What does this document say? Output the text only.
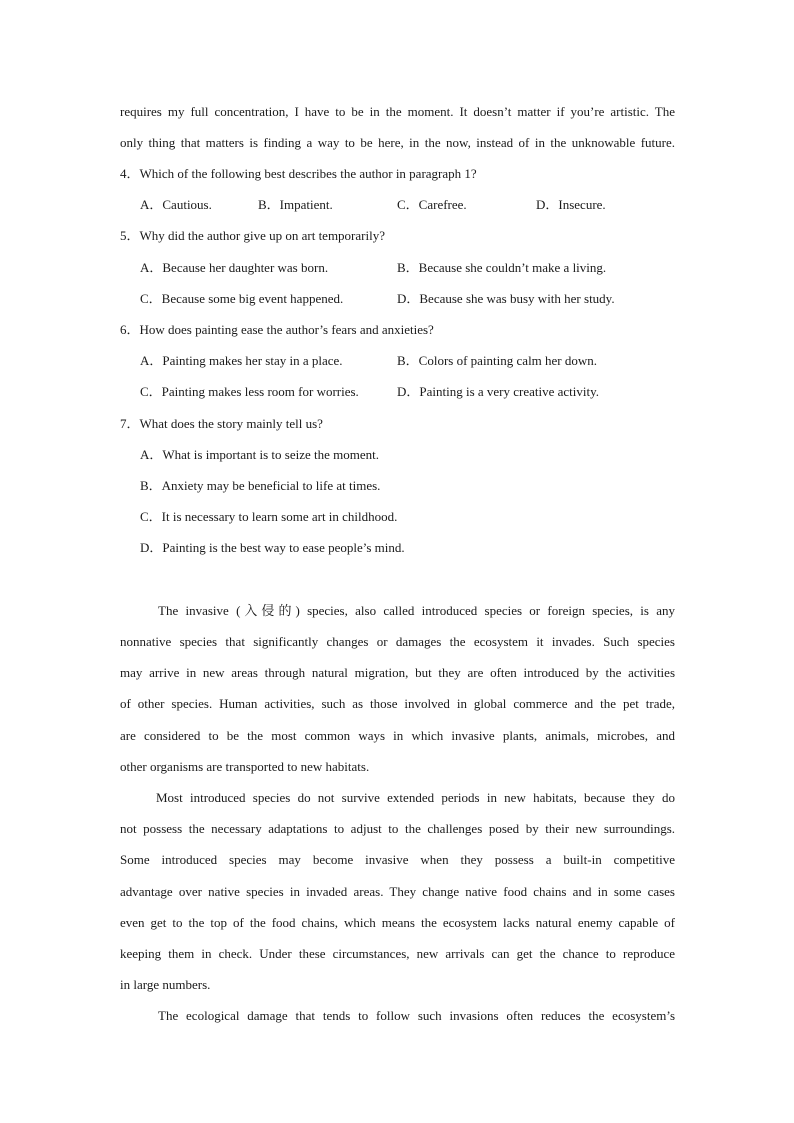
requires my full concentration, I have to be in the moment. It doesn’t matter if you’re artistic. The
only thing that matters is finding a way to be here, in the now, instead of in the unknowable future.
4．Which of the following best describes the author in paragraph 1?
A．Cautious.	B．Impatient.	C．Carefree.	D．Insecure.
5．Why did the author give up on art temporarily?
A．Because her daughter was born.	B．Because she couldn’t make a living.
C．Because some big event happened.	D．Because she was busy with her study.
6．How does painting ease the author’s fears and anxieties?
A．Painting makes her stay in a place.	B．Colors of painting calm her down.
C．Painting makes less room for worries.	D．Painting is a very creative activity.
7．What does the story mainly tell us?
A．What is important is to seize the moment.
B．Anxiety may be beneficial to life at times.
C．It is necessary to learn some art in childhood.
D．Painting is the best way to ease people’s mind.
The invasive (入侵的) species, also called introduced species or foreign species, is any
nonnative species that significantly changes or damages the ecosystem it invades. Such species
may arrive in new areas through natural migration, but they are often introduced by the activities
of other species. Human activities, such as those involved in global commerce and the pet trade,
are considered to be the most common ways in which invasive plants, animals, microbes, and
other organisms are transported to new habitats.
Most introduced species do not survive extended periods in new habitats, because they do
not possess the necessary adaptations to adjust to the challenges posed by their new surroundings.
Some introduced species may become invasive when they possess a built-in competitive
advantage over native species in invaded areas. They change native food chains and in some cases
even get to the top of the food chains, which means the ecosystem lacks natural enemy capable of
keeping them in check. Under these circumstances, new arrivals can get the chance to reproduce
in large numbers.
The ecological damage that tends to follow such invasions often reduces the ecosystem’s
